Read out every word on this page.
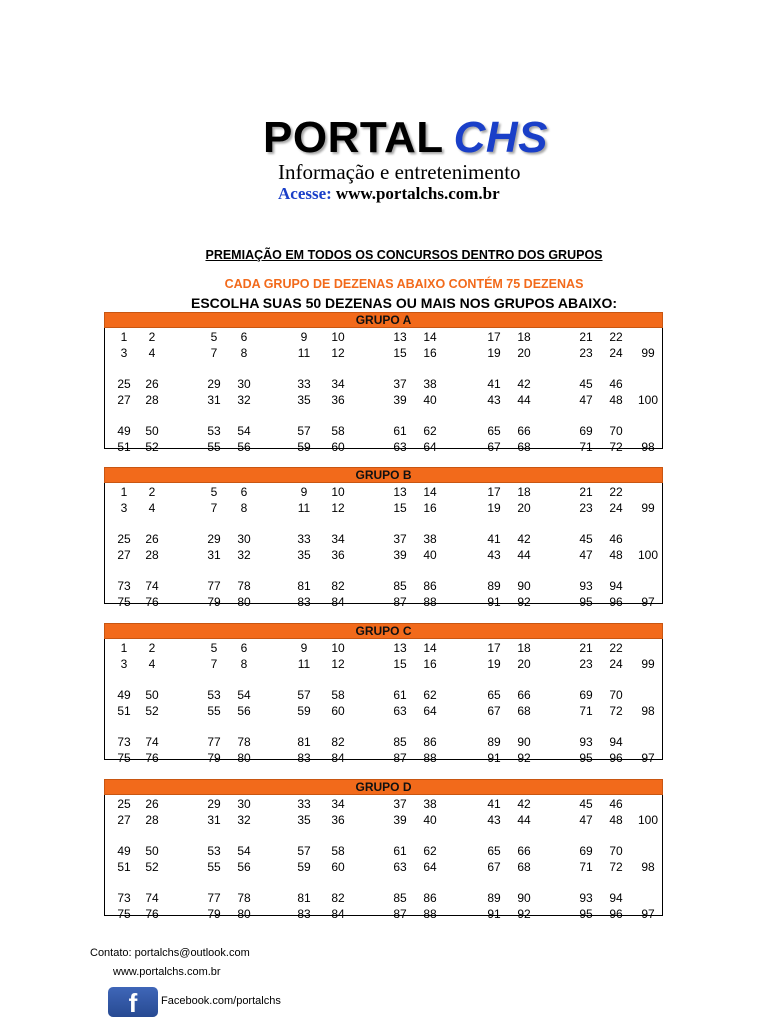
PORTAL CHS
Informação e entretenimento
Acesse: www.portalchs.com.br
PREMIAÇÃO EM TODOS OS CONCURSOS DENTRO DOS GRUPOS
CADA GRUPO DE DEZENAS ABAIXO CONTÉM 75 DEZENAS
ESCOLHA SUAS 50 DEZENAS OU MAIS NOS GRUPOS ABAIXO:
GRUPO A
1	2	5	6	9	10	13	14	17	18	21	22
3	4	7	8	11	12	15	16	19	20	23	24	99
25	26	29	30	33	34	37	38	41	42	45	46
27	28	31	32	35	36	39	40	43	44	47	48	100
49	50	53	54	57	58	61	62	65	66	69	70
51	52	55	56	59	60	63	64	67	68	71	72	98
GRUPO B
1	2	5	6	9	10	13	14	17	18	21	22
3	4	7	8	11	12	15	16	19	20	23	24	99
25	26	29	30	33	34	37	38	41	42	45	46
27	28	31	32	35	36	39	40	43	44	47	48	100
73	74	77	78	81	82	85	86	89	90	93	94
75	76	79	80	83	84	87	88	91	92	95	96	97
GRUPO C
1	2	5	6	9	10	13	14	17	18	21	22
3	4	7	8	11	12	15	16	19	20	23	24	99
49	50	53	54	57	58	61	62	65	66	69	70
51	52	55	56	59	60	63	64	67	68	71	72	98
73	74	77	78	81	82	85	86	89	90	93	94
75	76	79	80	83	84	87	88	91	92	95	96	97
GRUPO D
25	26	29	30	33	34	37	38	41	42	45	46
27	28	31	32	35	36	39	40	43	44	47	48	100
49	50	53	54	57	58	61	62	65	66	69	70
51	52	55	56	59	60	63	64	67	68	71	72	98
73	74	77	78	81	82	85	86	89	90	93	94
75	76	79	80	83	84	87	88	91	92	95	96	97
Contato: portalchs@outlook.com
www.portalchs.com.br
f	Facebook.com/portalchs
